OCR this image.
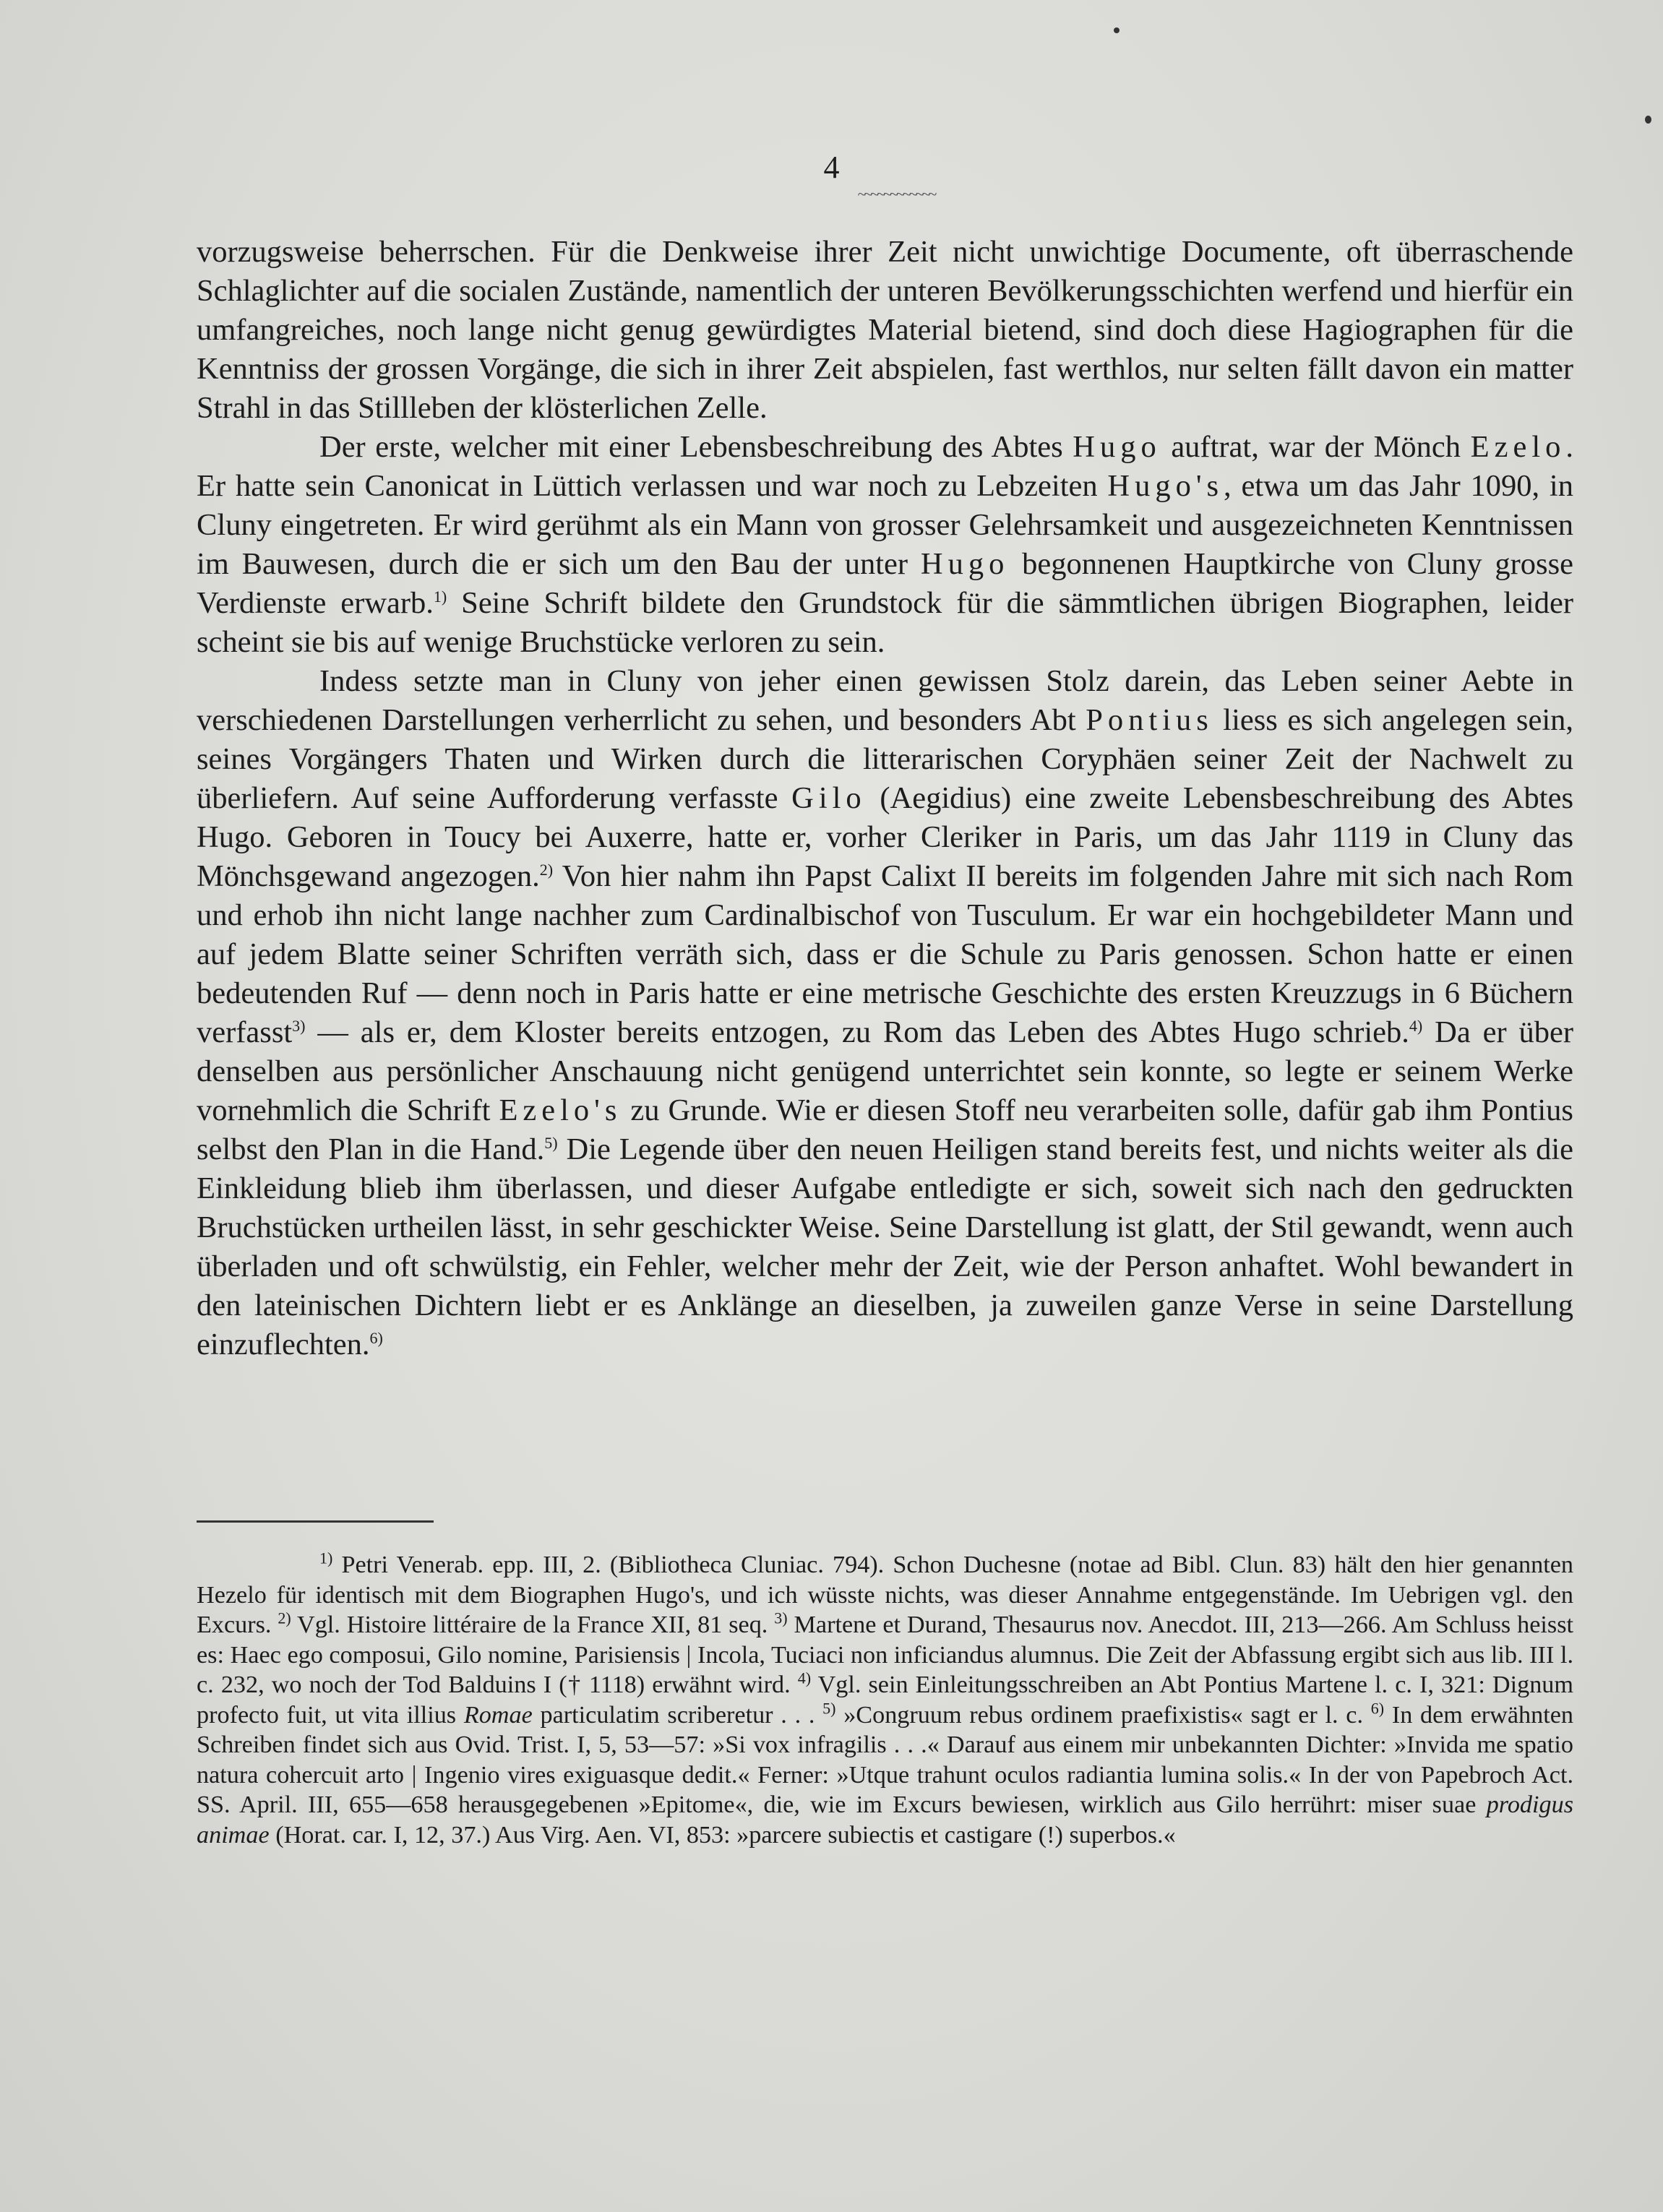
4
~~~~~~~~~~~~

vorzugsweise beherrschen. Für die Denkweise ihrer Zeit nicht unwichtige Documente, oft überraschende Schlaglichter auf die socialen Zustände, namentlich der unteren Bevölkerungsschichten werfend und hierfür ein umfangreiches, noch lange nicht genug gewürdigtes Material bietend, sind doch diese Hagiographen für die Kenntniss der grossen Vorgänge, die sich in ihrer Zeit abspielen, fast werthlos, nur selten fällt davon ein matter Strahl in das Stillleben der klösterlichen Zelle.

Der erste, welcher mit einer Lebensbeschreibung des Abtes Hugo auftrat, war der Mönch Ezelo. Er hatte sein Canonicat in Lüttich verlassen und war noch zu Lebzeiten Hugo's, etwa um das Jahr 1090, in Cluny eingetreten. Er wird gerühmt als ein Mann von grosser Gelehrsamkeit und ausgezeichneten Kenntnissen im Bauwesen, durch die er sich um den Bau der unter Hugo begonnenen Hauptkirche von Cluny grosse Verdienste erwarb.$^{1)}$ Seine Schrift bildete den Grundstock für die sämmtlichen übrigen Biographen, leider scheint sie bis auf wenige Bruchstücke verloren zu sein.

Indess setzte man in Cluny von jeher einen gewissen Stolz darein, das Leben seiner Aebte in verschiedenen Darstellungen verherrlicht zu sehen, und besonders Abt Pontius liess es sich angelegen sein, seines Vorgängers Thaten und Wirken durch die litterarischen Coryphäen seiner Zeit der Nachwelt zu überliefern. Auf seine Aufforderung verfasste Gilo (Aegidius) eine zweite Lebensbeschreibung des Abtes Hugo. Geboren in Toucy bei Auxerre, hatte er, vorher Cleriker in Paris, um das Jahr 1119 in Cluny das Mönchsgewand angezogen.$^{2)}$ Von hier nahm ihn Papst Calixt II bereits im folgenden Jahre mit sich nach Rom und erhob ihn nicht lange nachher zum Cardinalbischof von Tusculum. Er war ein hochgebildeter Mann und auf jedem Blatte seiner Schriften verräth sich, dass er die Schule zu Paris genossen. Schon hatte er einen bedeutenden Ruf — denn noch in Paris hatte er eine metrische Geschichte des ersten Kreuzzugs in 6 Büchern verfasst$^{3)}$ — als er, dem Kloster bereits entzogen, zu Rom das Leben des Abtes Hugo schrieb.$^{4)}$ Da er über denselben aus persönlicher Anschauung nicht genügend unterrichtet sein konnte, so legte er seinem Werke vornehmlich die Schrift Ezelo's zu Grunde. Wie er diesen Stoff neu verarbeiten solle, dafür gab ihm Pontius selbst den Plan in die Hand.$^{5)}$ Die Legende über den neuen Heiligen stand bereits fest, und nichts weiter als die Einkleidung blieb ihm überlassen, und dieser Aufgabe entledigte er sich, soweit sich nach den gedruckten Bruchstücken urtheilen lässt, in sehr geschickter Weise. Seine Darstellung ist glatt, der Stil gewandt, wenn auch überladen und oft schwülstig, ein Fehler, welcher mehr der Zeit, wie der Person anhaftet. Wohl bewandert in den lateinischen Dichtern liebt er es Anklänge an dieselben, ja zuweilen ganze Verse in seine Darstellung einzuflechten.$^{6)}$

$^{1)}$ Petri Venerab. epp. III, 2. (Bibliotheca Cluniac. 794). Schon Duchesne (notae ad Bibl. Clun. 83) hält den hier genannten Hezelo für identisch mit dem Biographen Hugo's, und ich wüsste nichts, was dieser Annahme entgegenstände. Im Uebrigen vgl. den Excurs. $^{2)}$ Vgl. Histoire littéraire de la France XII, 81 seq. $^{3)}$ Martene et Durand, Thesaurus nov. Anecdot. III, 213—266. Am Schluss heisst es: Haec ego composui, Gilo nomine, Parisiensis | Incola, Tuciaci non inficiandus alumnus. Die Zeit der Abfassung ergibt sich aus lib. III l. c. 232, wo noch der Tod Balduins I († 1118) erwähnt wird. $^{4)}$ Vgl. sein Einleitungsschreiben an Abt Pontius Martene l. c. I, 321: Dignum profecto fuit, ut vita illius Romae particulatim scriberetur . . . $^{5)}$ »Congruum rebus ordinem praefixistis« sagt er l. c. $^{6)}$ In dem erwähnten Schreiben findet sich aus Ovid. Trist. I, 5, 53—57: »Si vox infragilis . . .« Darauf aus einem mir unbekannten Dichter: »Invida me spatio natura cohercuit arto | Ingenio vires exiguasque dedit.« Ferner: »Utque trahunt oculos radiantia lumina solis.« In der von Papebroch Act. SS. April. III, 655—658 herausgegebenen »Epitome«, die, wie im Excurs bewiesen, wirklich aus Gilo herrührt: miser suae prodigus animae (Horat. car. I, 12, 37.) Aus Virg. Aen. VI, 853: »parcere subiectis et castigare (!) superbos.«
